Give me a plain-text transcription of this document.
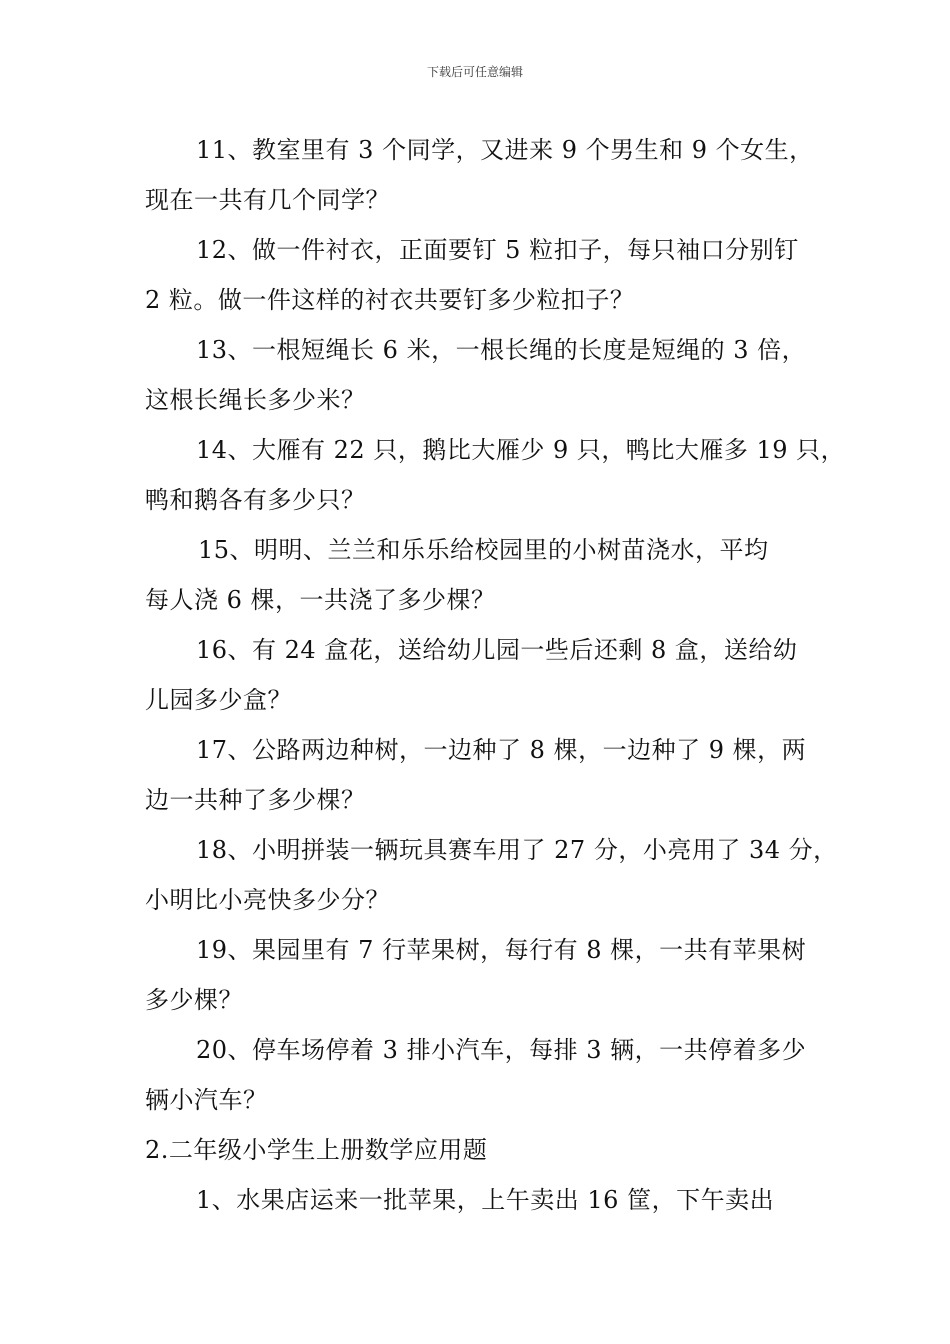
下载后可任意编辑
11、教室里有 3 个同学，又进来 9 个男生和 9 个女生，
现在一共有几个同学？
12、做一件衬衣，正面要钉 5 粒扣子，每只袖口分别钉
2 粒。做一件这样的衬衣共要钉多少粒扣子？
13、一根短绳长 6 米，一根长绳的长度是短绳的 3 倍，
这根长绳长多少米？
14、大雁有 22 只，鹅比大雁少 9 只，鸭比大雁多 19 只，
鸭和鹅各有多少只？
15、明明、兰兰和乐乐给校园里的小树苗浇水，平均
每人浇 6 棵，一共浇了多少棵？
16、有 24 盒花，送给幼儿园一些后还剩 8 盒，送给幼
儿园多少盒？
17、公路两边种树，一边种了 8 棵，一边种了 9 棵，两
边一共种了多少棵？
18、小明拼装一辆玩具赛车用了 27 分，小亮用了 34 分，
小明比小亮快多少分？
19、果园里有 7 行苹果树，每行有 8 棵，一共有苹果树
多少棵？
20、停车场停着 3 排小汽车，每排 3 辆，一共停着多少
辆小汽车？
2.二年级小学生上册数学应用题
1、水果店运来一批苹果，上午卖出 16 筐，下午卖出
